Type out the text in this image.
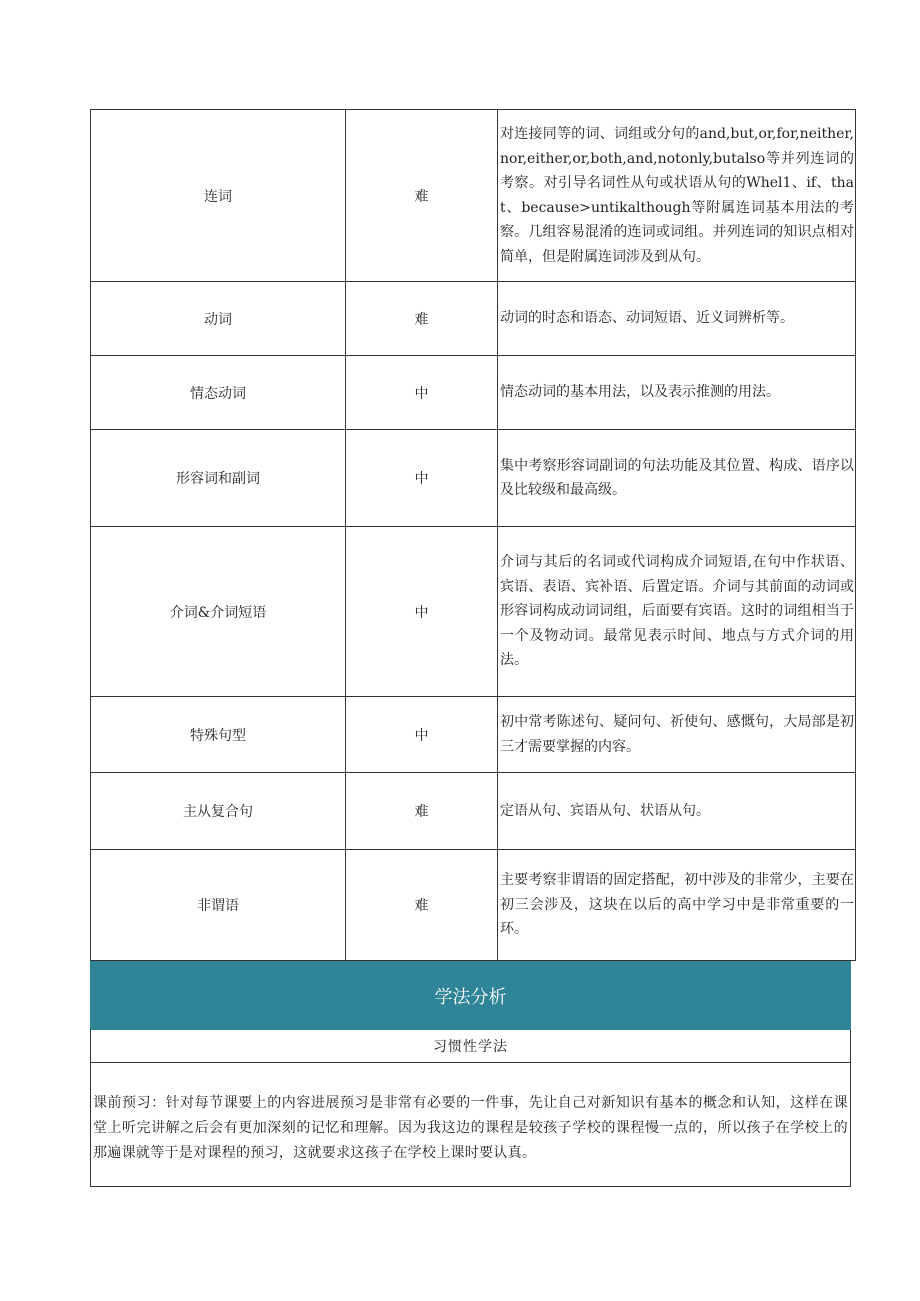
连词	难	对连接同等的词、词组或分句的and,but,or,for,neither,nor,either,or,both,and,notonly,butalso等并列连词的考察。对引导名词性从句或状语从句的Whel1、if、that、because>untikalthough等附属连词基本用法的考察。几组容易混淆的连词或词组。并列连词的知识点相对简单，但是附属连词涉及到从句。

动词	难	动词的时态和语态、动词短语、近义词辨析等。

情态动词	中	情态动词的基本用法，以及表示推测的用法。

形容词和副词	中	集中考察形容词副词的句法功能及其位置、构成、语序以及比较级和最高级。

介词&介词短语	中	介词与其后的名词或代词构成介词短语,在句中作状语、宾语、表语、宾补语、后置定语。介词与其前面的动词或形容词构成动词词组，后面要有宾语。这时的词组相当于一个及物动词。最常见表示时间、地点与方式介词的用法。

特殊句型	中	初中常考陈述句、疑问句、祈使句、感慨句，大局部是初三才需要掌握的内容。

主从复合句	难	定语从句、宾语从句、状语从句。

非谓语	难	主要考察非谓语的固定搭配，初中涉及的非常少，主要在初三会涉及，这块在以后的高中学习中是非常重要的一环。
学法分析
习惯性学法
课前预习：针对每节课要上的内容进展预习是非常有必要的一件事，先让自己对新知识有基本的概念和认知，这样在课堂上听完讲解之后会有更加深刻的记忆和理解。因为我这边的课程是较孩子学校的课程慢一点的，所以孩子在学校上的那遍课就等于是对课程的预习，这就要求这孩子在学校上课时要认真。
